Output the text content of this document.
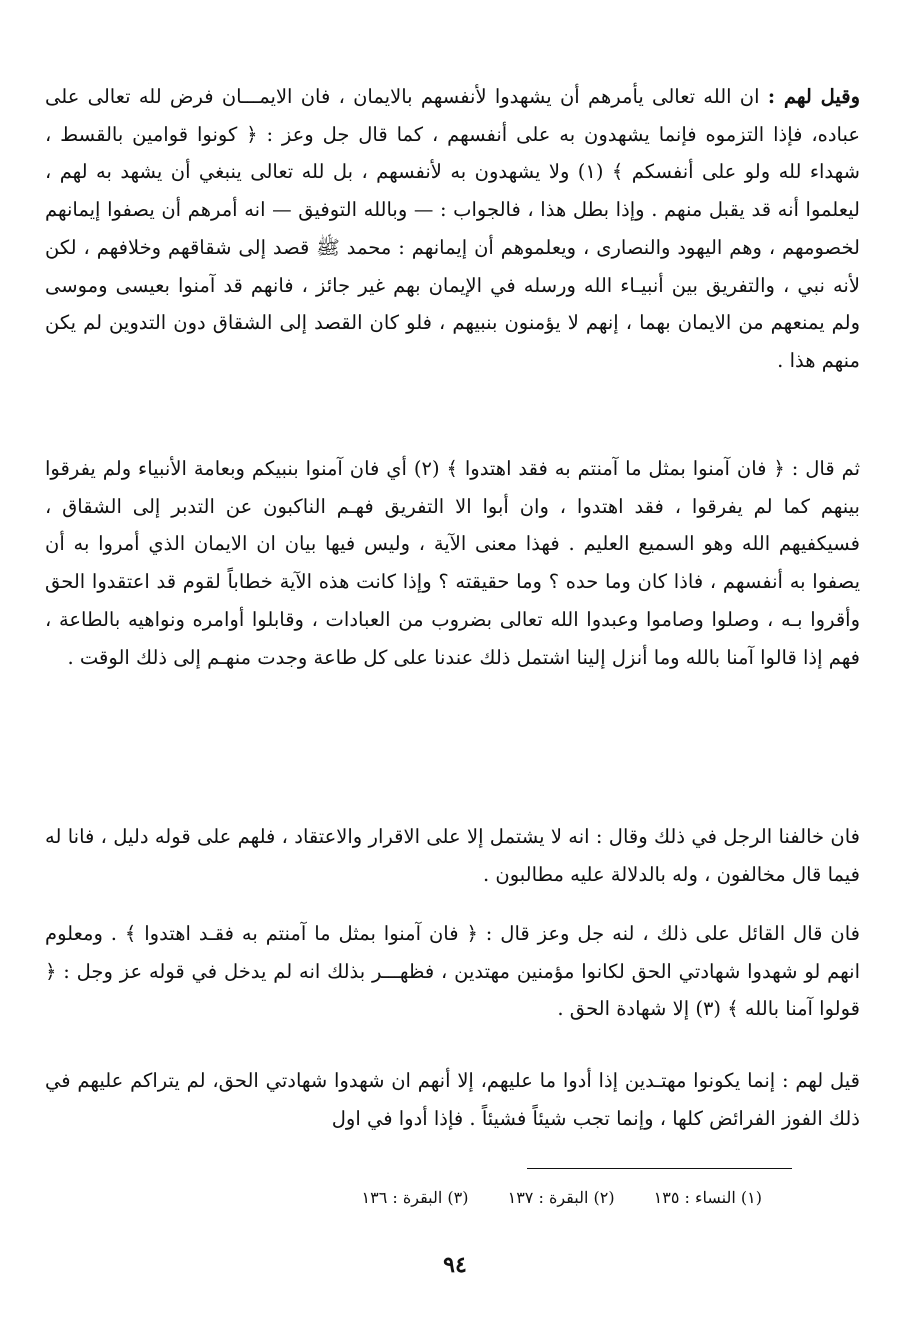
وقيل لهم : ان الله تعالى يأمرهم أن يشهدوا لأنفسهم بالايمان ، فان الايمـــان فرض لله تعالى على عباده، فإذا التزموه فإنما يشهدون به على أنفسهم ، كما قال جل وعز : ﴿ كونوا قوامين بالقسط ، شهداء لله ولو على أنفسكم ﴾ (١) ولا يشهدون به لأنفسهم ، بل لله تعالى ينبغي أن يشهد به لهم ، ليعلموا أنه قد يقبل منهم . وإذا بطل هذا ، فالجواب : — وبالله التوفيق — انه أمرهم أن يصفوا إيمانهم لخصومهم ، وهم اليهود والنصارى ، ويعلموهم أن إيمانهم : محمد ﷺ قصد إلى شقاقهم وخلافهم ، لكن لأنه نبي ، والتفريق بين أنبيـاء الله ورسله في الإيمان بهم غير جائز ، فانهم قد آمنوا بعيسى وموسى ولم يمنعهم من الايمان بهما ، إنهم لا يؤمنون بنبيهم ، فلو كان القصد إلى الشقاق دون التدوين لم يكن منهم هذا .

ثم قال : ﴿ فان آمنوا بمثل ما آمنتم به فقد اهتدوا ﴾ (٢) أي فان آمنوا بنبيكم وبعامة الأنبياء ولم يفرقوا بينهم كما لم يفرقوا ، فقد اهتدوا ، وان أبوا الا التفريق فهـم الناكبون عن التدبر إلى الشقاق ، فسيكفيهم الله وهو السميع العليم . فهذا معنى الآية ، وليس فيها بيان ان الايمان الذي أمروا به أن يصفوا به أنفسهم ، فاذا كان وما حده ؟ وما حقيقته ؟ وإذا كانت هذه الآية خطاباً لقوم قد اعتقدوا الحق وأقروا بـه ، وصلوا وصاموا وعبدوا الله تعالى بضروب من العبادات ، وقابلوا أوامره ونواهيه بالطاعة ، فهم إذا قالوا آمنا بالله وما أنزل إلينا اشتمل ذلك عندنا على كل طاعة وجدت منهـم إلى ذلك الوقت .

فان خالفنا الرجل في ذلك وقال : انه لا يشتمل إلا على الاقرار والاعتقاد ، فلهم على قوله دليل ، فانا له فيما قال مخالفون ، وله بالدلالة عليه مطالبون .

فان قال القائل على ذلك ، لنه جل وعز قال : ﴿ فان آمنوا بمثل ما آمنتم به فقـد اهتدوا ﴾ . ومعلوم انهم لو شهدوا شهادتي الحق لكانوا مؤمنين مهتدين ، فظهـــر بذلك انه لم يدخل في قوله عز وجل : ﴿ قولوا آمنا بالله ﴾ (٣) إلا شهادة الحق .

قيل لهم : إنما يكونوا مهتـدين إذا أدوا ما عليهم، إلا أنهم ان شهدوا شهادتي الحق، لم يتراكم عليهم في ذلك الفوز الفرائض كلها ، وإنما تجب شيئاً فشيئاً . فإذا أدوا في اول

(١) النساء : ١٣٥ (٢) البقرة : ١٣٧ (٣) البقرة : ١٣٦
٩٤
